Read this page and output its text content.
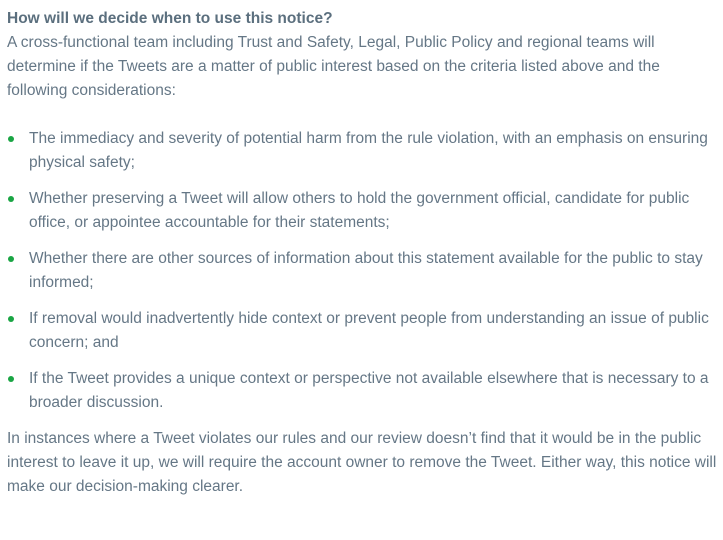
How will we decide when to use this notice?

A cross-functional team including Trust and Safety, Legal, Public Policy and regional teams will determine if the Tweets are a matter of public interest based on the criteria listed above and the following considerations:

The immediacy and severity of potential harm from the rule violation, with an emphasis on ensuring physical safety;
Whether preserving a Tweet will allow others to hold the government official, candidate for public office, or appointee accountable for their statements;
Whether there are other sources of information about this statement available for the public to stay informed;
If removal would inadvertently hide context or prevent people from understanding an issue of public concern; and
If the Tweet provides a unique context or perspective not available elsewhere that is necessary to a broader discussion.

In instances where a Tweet violates our rules and our review doesn’t find that it would be in the public interest to leave it up, we will require the account owner to remove the Tweet. Either way, this notice will make our decision-making clearer.
